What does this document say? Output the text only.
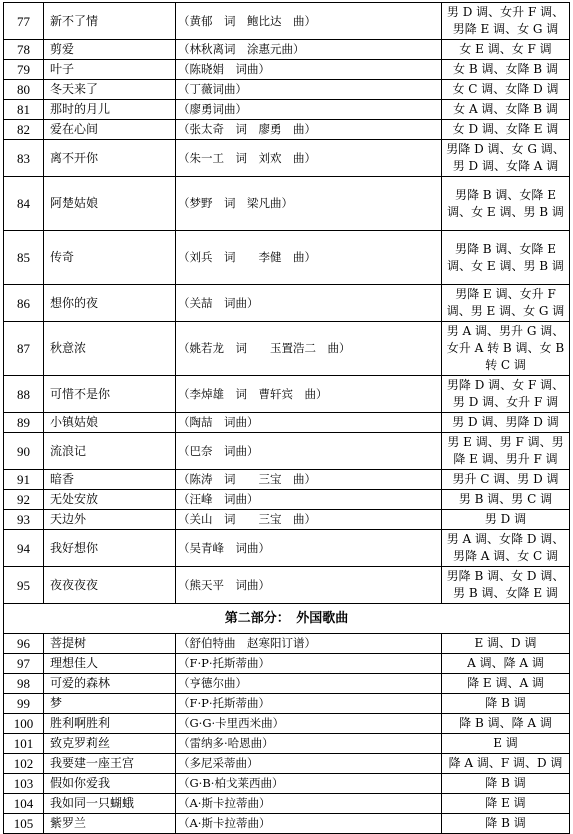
77	新不了情	（黄郁　词　鲍比达　曲）	男 D 调、女升 F 调、男降 E 调、女 G 调
78	剪爱	（林秋离词　涂惠元曲）	女 E 调、女 F 调
79	叶子	（陈晓娟　词曲）	女 B 调、女降 B 调
80	冬天来了	（丁薇词曲）	女 C 调、女降 D 调
81	那时的月儿	（廖勇词曲）	女 A 调、女降 B 调
82	爱在心间	（张太奇　词　廖勇　曲）	女 D 调、女降 E 调
83	离不开你	（朱一工　词　刘欢　曲）	男降 D 调、女 G 调、男 D 调、女降 A 调
84	阿楚姑娘	（梦野　词　梁凡曲）	男降 B 调、女降 E 调、女 E 调、男 B 调
85	传奇	（刘兵　词　　李健　曲）	男降 B 调、女降 E 调、女 E 调、男 B 调
86	想你的夜	（关喆　词曲）	男降 E 调、女升 F 调、男 E 调、女 G 调
87	秋意浓	（姚若龙　词　　玉置浩二　曲）	男 A 调、男升 G 调、女升 A 转 B 调、女 B 转 C 调
88	可惜不是你	（李焯雄　词　曹轩宾　曲）	男降 D 调、女 F 调、男 D 调、女升 F 调
89	小镇姑娘	（陶喆　词曲）	男 D 调、男降 D 调
90	流浪记	（巴奈　词曲）	男 E 调、男 F 调、男降 E 调、男升 F 调
91	暗香	（陈涛　词　　三宝　曲）	男升 C 调、男 D 调
92	无处安放	（汪峰　词曲）	男 B 调、男 C 调
93	天边外	（关山　词　　三宝　曲）	男 D 调
94	我好想你	（吴青峰　词曲）	男 A 调、女降 D 调、男降 A 调、女 C 调
95	夜夜夜夜	（熊天平　词曲）	男降 B 调、女 D 调、男 B 调、女降 E 调
第二部分：　外国歌曲			
96	菩提树	（舒伯特曲　赵寒阳订谱）	E 调、D 调
97	理想佳人	（F·P·托斯蒂曲）	A 调、降 A 调
98	可爱的森林	（亨德尔曲）	降 E 调、A 调
99	梦	（F·P·托斯蒂曲）	降 B 调
100	胜利啊胜利	（G·G·卡里西米曲）	降 B 调、降 A 调
101	致克罗莉丝	（雷纳多·哈恩曲）	E 调
102	我要建一座王宫	（多尼采蒂曲）	降 A 调、F 调、D 调
103	假如你爱我	（G·B·柏戈莱西曲）	降 B 调
104	我如同一只蝴蛾	（A·斯卡拉蒂曲）	降 E 调
105	紫罗兰	（A·斯卡拉蒂曲）	降 B 调
